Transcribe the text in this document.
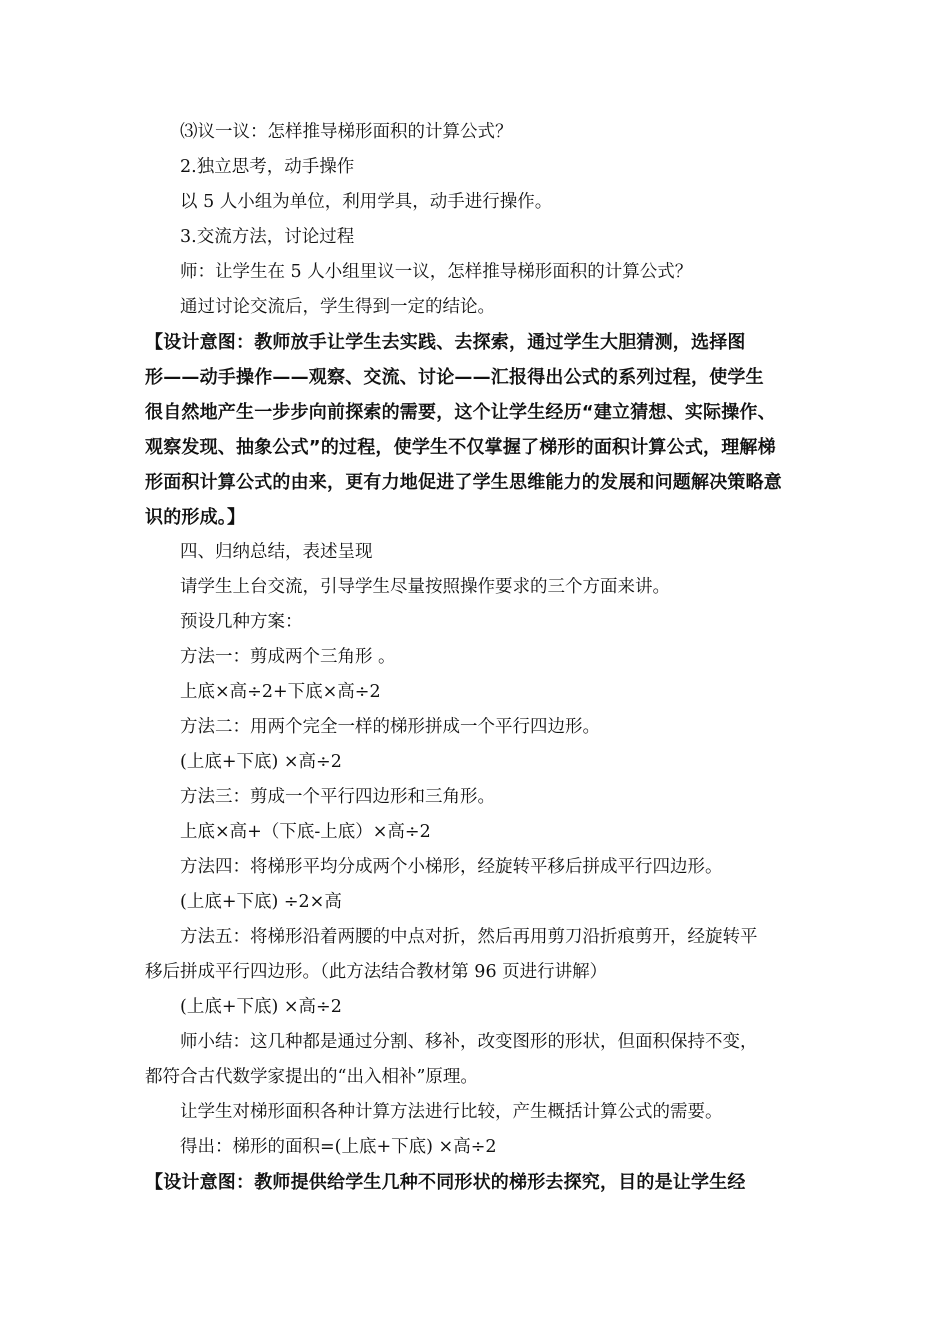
⑶议一议：怎样推导梯形面积的计算公式？
2.独立思考，动手操作
以 5 人小组为单位，利用学具，动手进行操作。
3.交流方法，讨论过程
师：让学生在 5 人小组里议一议，怎样推导梯形面积的计算公式？
通过讨论交流后，学生得到一定的结论。
【设计意图：教师放手让学生去实践、去探索，通过学生大胆猜测，选择图
形——动手操作——观察、交流、讨论——汇报得出公式的系列过程，使学生
很自然地产生一步步向前探索的需要，这个让学生经历“建立猜想、实际操作、
观察发现、抽象公式”的过程，使学生不仅掌握了梯形的面积计算公式，理解梯
形面积计算公式的由来，更有力地促进了学生思维能力的发展和问题解决策略意
识的形成。】
四、归纳总结，表述呈现
请学生上台交流，引导学生尽量按照操作要求的三个方面来讲。
预设几种方案：
方法一：剪成两个三角形 。
上底×高÷2+下底×高÷2
方法二：用两个完全一样的梯形拼成一个平行四边形。
(上底+下底) ×高÷2
方法三：剪成一个平行四边形和三角形。
上底×高+（下底-上底）×高÷2
方法四：将梯形平均分成两个小梯形，经旋转平移后拼成平行四边形。
(上底+下底) ÷2×高
方法五：将梯形沿着两腰的中点对折，然后再用剪刀沿折痕剪开，经旋转平
移后拼成平行四边形。（此方法结合教材第 96 页进行讲解）
(上底+下底) ×高÷2
师小结：这几种都是通过分割、移补，改变图形的形状，但面积保持不变，
都符合古代数学家提出的“出入相补”原理。
让学生对梯形面积各种计算方法进行比较，产生概括计算公式的需要。
得出：梯形的面积=(上底+下底) ×高÷2
【设计意图：教师提供给学生几种不同形状的梯形去探究，目的是让学生经
